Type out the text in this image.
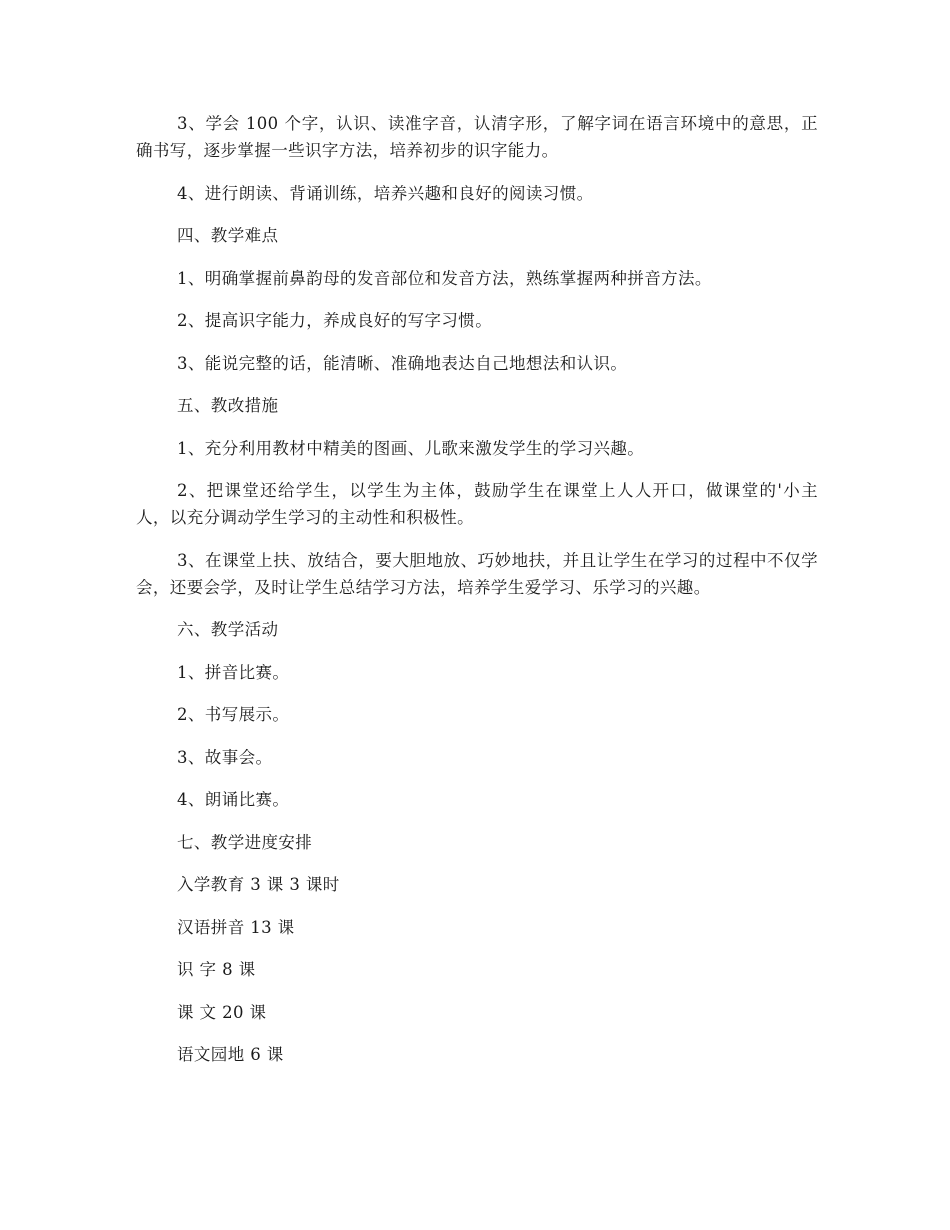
3、学会 100 个字，认识、读准字音，认清字形，了解字词在语言环境中的意思，正确书写，逐步掌握一些识字方法，培养初步的识字能力。

4、进行朗读、背诵训练，培养兴趣和良好的阅读习惯。

四、教学难点

1、明确掌握前鼻韵母的发音部位和发音方法，熟练掌握两种拼音方法。

2、提高识字能力，养成良好的写字习惯。

3、能说完整的话，能清晰、准确地表达自己地想法和认识。

五、教改措施

1、充分利用教材中精美的图画、儿歌来激发学生的学习兴趣。

2、把课堂还给学生，以学生为主体，鼓励学生在课堂上人人开口，做课堂的'小主人，以充分调动学生学习的主动性和积极性。

3、在课堂上扶、放结合，要大胆地放、巧妙地扶，并且让学生在学习的过程中不仅学会，还要会学，及时让学生总结学习方法，培养学生爱学习、乐学习的兴趣。

六、教学活动

1、拼音比赛。

2、书写展示。

3、故事会。

4、朗诵比赛。

七、教学进度安排

入学教育 3 课 3 课时

汉语拼音 13 课

识 字 8 课

课 文 20 课

语文园地 6 课
